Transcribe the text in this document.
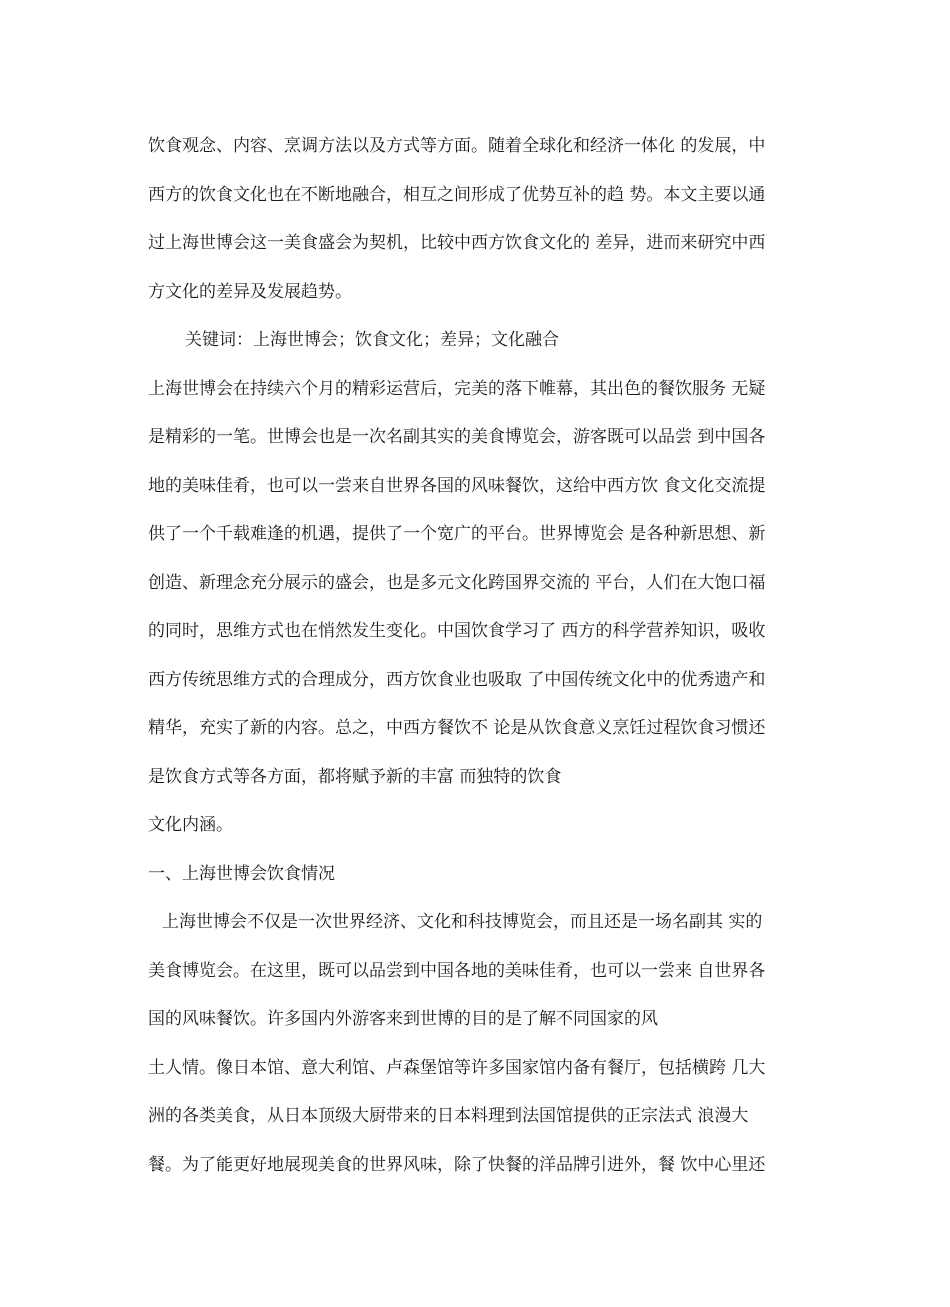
饮食观念、内容、烹调方法以及方式等方面。随着全球化和经济一体化 的发展，中
西方的饮食文化也在不断地融合，相互之间形成了优势互补的趋 势。本文主要以通
过上海世博会这一美食盛会为契机，比较中西方饮食文化的 差异，进而来研究中西
方文化的差异及发展趋势。
关键词：上海世博会；饮食文化；差异；文化融合
上海世博会在持续六个月的精彩运营后，完美的落下帷幕，其出色的餐饮服务 无疑
是精彩的一笔。世博会也是一次名副其实的美食博览会，游客既可以品尝 到中国各
地的美味佳肴，也可以一尝来自世界各国的风味餐饮，这给中西方饮 食文化交流提
供了一个千载难逢的机遇，提供了一个宽广的平台。世界博览会 是各种新思想、新
创造、新理念充分展示的盛会，也是多元文化跨国界交流的 平台，人们在大饱口福
的同时，思维方式也在悄然发生变化。中国饮食学习了 西方的科学营养知识，吸收
西方传统思维方式的合理成分，西方饮食业也吸取 了中国传统文化中的优秀遗产和
精华，充实了新的内容。总之，中西方餐饮不 论是从饮食意义烹饪过程饮食习惯还
是饮食方式等各方面，都将赋予新的丰富 而独特的饮食
文化内涵。
一、上海世博会饮食情况
上海世博会不仅是一次世界经济、文化和科技博览会，而且还是一场名副其 实的
美食博览会。在这里，既可以品尝到中国各地的美味佳肴，也可以一尝来 自世界各
国的风味餐饮。许多国内外游客来到世博的目的是了解不同国家的风
土人情。像日本馆、意大利馆、卢森堡馆等许多国家馆内备有餐厅，包括横跨 几大
洲的各类美食，从日本顶级大厨带来的日本料理到法国馆提供的正宗法式 浪漫大
餐。为了能更好地展现美食的世界风味，除了快餐的洋品牌引进外，餐 饮中心里还
